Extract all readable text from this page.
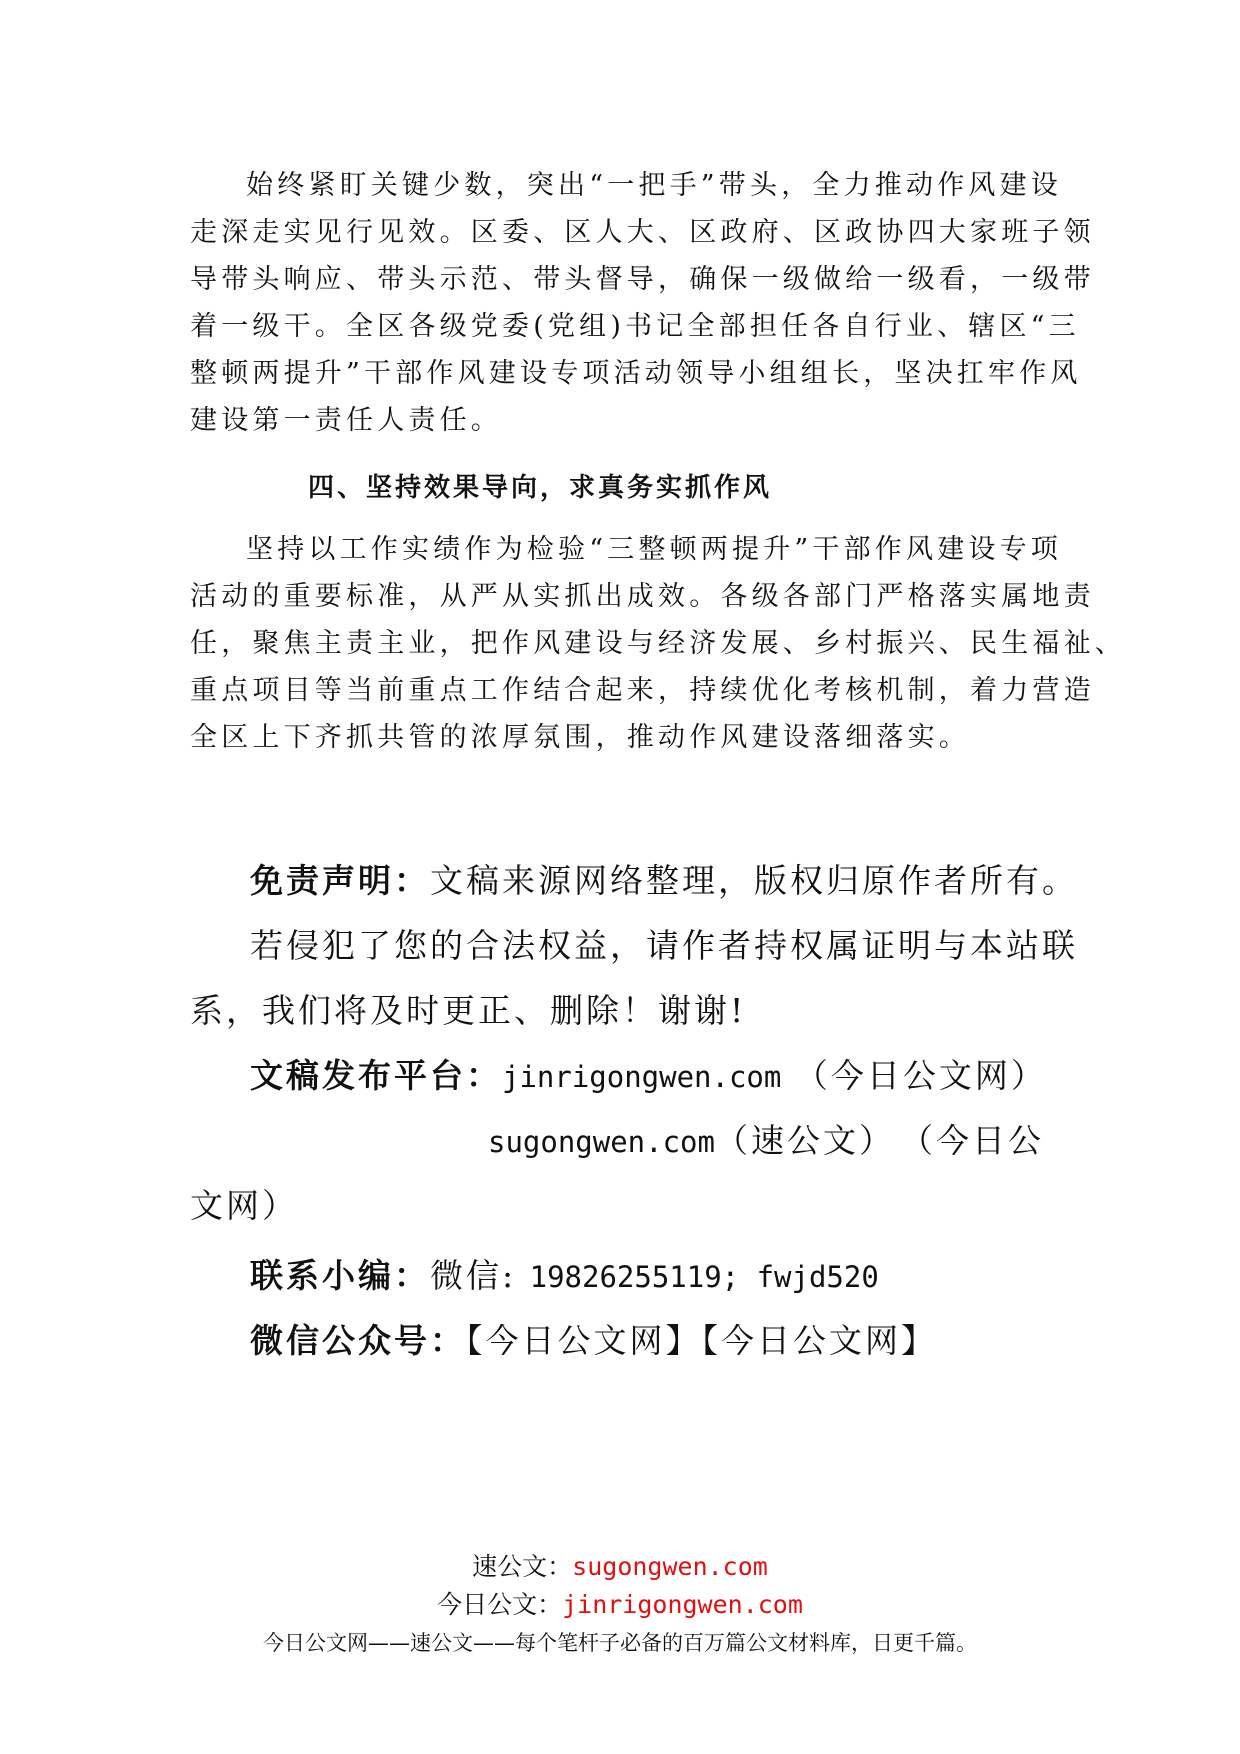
始终紧盯关键少数，突出“一把手”带头，全力推动作风建设
走深走实见行见效。区委、区人大、区政府、区政协四大家班子领
导带头响应、带头示范、带头督导，确保一级做给一级看，一级带
着一级干。全区各级党委(党组)书记全部担任各自行业、辖区“三
整顿两提升”干部作风建设专项活动领导小组组长，坚决扛牢作风
建设第一责任人责任。
四、坚持效果导向，求真务实抓作风
坚持以工作实绩作为检验“三整顿两提升”干部作风建设专项
活动的重要标准，从严从实抓出成效。各级各部门严格落实属地责
任，聚焦主责主业，把作风建设与经济发展、乡村振兴、民生福祉、
重点项目等当前重点工作结合起来，持续优化考核机制，着力营造
全区上下齐抓共管的浓厚氛围，推动作风建设落细落实。
免责声明：文稿来源网络整理，版权归原作者所有。
若侵犯了您的合法权益，请作者持权属证明与本站联
系，我们将及时更正、删除！谢谢!
文稿发布平台：jinrigongwen.com （今日公文网）
sugongwen.com（速公文） （今日公
文网）
联系小编：微信: 19826255119; fwjd520
微信公众号：【今日公文网】【今日公文网】
速公文：sugongwen.com
今日公文：jinrigongwen.com
今日公文网——速公文——每个笔杆子必备的百万篇公文材料库，日更千篇。
